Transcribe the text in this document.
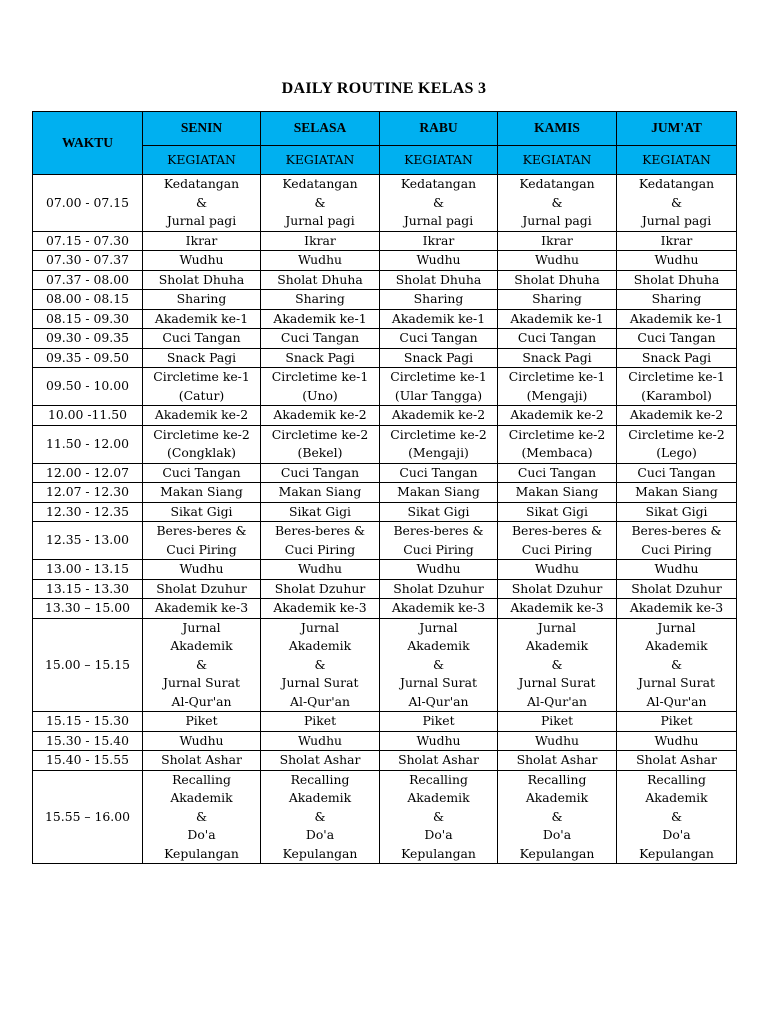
DAILY ROUTINE KELAS 3
WAKTU	SENIN	SELASA	RABU	KAMIS	JUM'AT
	KEGIATAN	KEGIATAN	KEGIATAN	KEGIATAN	KEGIATAN
07.00 - 07.15	Kedatangan
&
Jurnal pagi	Kedatangan
&
Jurnal pagi	Kedatangan
&
Jurnal pagi	Kedatangan
&
Jurnal pagi	Kedatangan
&
Jurnal pagi

07.15 - 07.30	Ikrar	Ikrar	Ikrar	Ikrar	Ikrar

07.30 - 07.37	Wudhu	Wudhu	Wudhu	Wudhu	Wudhu

07.37 - 08.00	Sholat Dhuha	Sholat Dhuha	Sholat Dhuha	Sholat Dhuha	Sholat Dhuha

08.00 - 08.15	Sharing	Sharing	Sharing	Sharing	Sharing

08.15 - 09.30	Akademik ke-1	Akademik ke-1	Akademik ke-1	Akademik ke-1	Akademik ke-1

09.30 - 09.35	Cuci Tangan	Cuci Tangan	Cuci Tangan	Cuci Tangan	Cuci Tangan

09.35 - 09.50	Snack Pagi	Snack Pagi	Snack Pagi	Snack Pagi	Snack Pagi

09.50 - 10.00	Circletime ke-1
(Catur)	Circletime ke-1
(Uno)	Circletime ke-1
(Ular Tangga)	Circletime ke-1
(Mengaji)	Circletime ke-1
(Karambol)

10.00 -11.50	Akademik ke-2	Akademik ke-2	Akademik ke-2	Akademik ke-2	Akademik ke-2

11.50 - 12.00	Circletime ke-2
(Congklak)	Circletime ke-2
(Bekel)	Circletime ke-2
(Mengaji)	Circletime ke-2
(Membaca)	Circletime ke-2
(Lego)

12.00 - 12.07	Cuci Tangan	Cuci Tangan	Cuci Tangan	Cuci Tangan	Cuci Tangan

12.07 - 12.30	Makan Siang	Makan Siang	Makan Siang	Makan Siang	Makan Siang

12.30 - 12.35	Sikat Gigi	Sikat Gigi	Sikat Gigi	Sikat Gigi	Sikat Gigi

12.35 - 13.00	Beres-beres &
Cuci Piring	Beres-beres &
Cuci Piring	Beres-beres &
Cuci Piring	Beres-beres &
Cuci Piring	Beres-beres &
Cuci Piring

13.00 - 13.15	Wudhu	Wudhu	Wudhu	Wudhu	Wudhu

13.15 - 13.30	Sholat Dzuhur	Sholat Dzuhur	Sholat Dzuhur	Sholat Dzuhur	Sholat Dzuhur

13.30 – 15.00	Akademik ke-3	Akademik ke-3	Akademik ke-3	Akademik ke-3	Akademik ke-3

15.00 – 15.15	Jurnal
Akademik
&
Jurnal Surat
Al-Qur'an	Jurnal
Akademik
&
Jurnal Surat
Al-Qur'an	Jurnal
Akademik
&
Jurnal Surat
Al-Qur'an	Jurnal
Akademik
&
Jurnal Surat
Al-Qur'an	Jurnal
Akademik
&
Jurnal Surat
Al-Qur'an

15.15 - 15.30	Piket	Piket	Piket	Piket	Piket

15.30 - 15.40	Wudhu	Wudhu	Wudhu	Wudhu	Wudhu

15.40 - 15.55	Sholat Ashar	Sholat Ashar	Sholat Ashar	Sholat Ashar	Sholat Ashar

15.55 – 16.00	Recalling
Akademik
&
Do'a
Kepulangan	Recalling
Akademik
&
Do'a
Kepulangan	Recalling
Akademik
&
Do'a
Kepulangan	Recalling
Akademik
&
Do'a
Kepulangan	Recalling
Akademik
&
Do'a
Kepulangan
